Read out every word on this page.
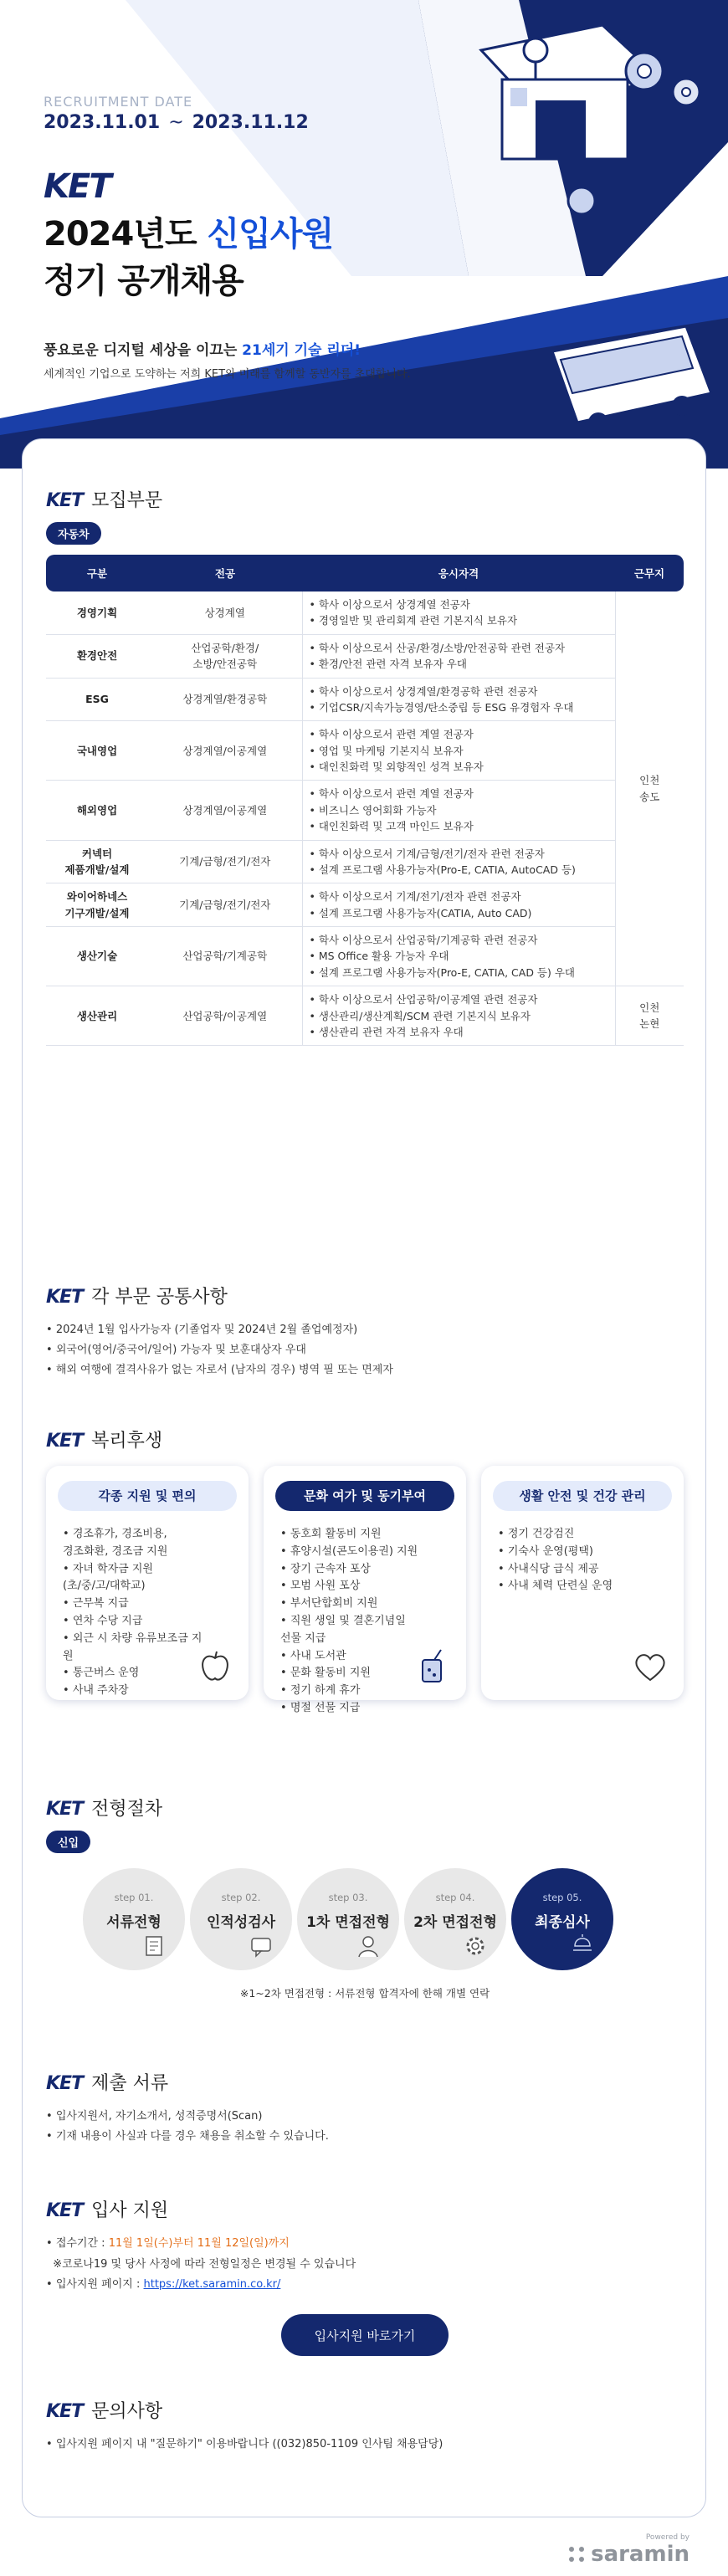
RECRUITMENT DATE
2023.11.01 ~ 2023.11.12
KET
2024년도 신입사원
정기 공개채용
풍요로운 디지털 세상을 이끄는 21세기 기술 리더!
세계적인 기업으로 도약하는 저희 KET와 미래를 함께할 동반자를 초대합니다.
KET 모집부문
자동차
구분	전공	응시자격	근무지
경영기획	상경계열	• 학사 이상으로서 상경계열 전공자
• 경영일반 및 관리회계 관련 기본지식 보유자	인천
송도
환경안전	산업공학/환경/
소방/안전공학	• 학사 이상으로서 산공/환경/소방/안전공학 관련 전공자
• 환경/안전 관련 자격 보유자 우대	

ESG	상경계열/환경공학	• 학사 이상으로서 상경계열/환경공학 관련 전공자
• 기업CSR/지속가능경영/탄소중립 등 ESG 유경험자 우대	

국내영업	상경계열/이공계열	• 학사 이상으로서 관련 계열 전공자
• 영업 및 마케팅 기본지식 보유자
• 대인친화력 및 외향적인 성격 보유자	

해외영업	상경계열/이공계열	• 학사 이상으로서 관련 계열 전공자
• 비즈니스 영어회화 가능자
• 대인친화력 및 고객 마인드 보유자	

커넥터
제품개발/설계	기계/금형/전기/전자	• 학사 이상으로서 기계/금형/전기/전자 관련 전공자
• 설계 프로그램 사용가능자(Pro-E, CATIA, AutoCAD 등)	

와이어하네스
기구개발/설계	기계/금형/전기/전자	• 학사 이상으로서 기계/전기/전자 관련 전공자
• 설계 프로그램 사용가능자(CATIA, Auto CAD)	

생산기술	산업공학/기계공학	• 학사 이상으로서 산업공학/기계공학 관련 전공자
• MS Office 활용 가능자 우대
• 설계 프로그램 사용가능자(Pro-E, CATIA, CAD 등) 우대	

생산관리	산업공학/이공계열	• 학사 이상으로서 산업공학/이공계열 관련 전공자
• 생산관리/생산계획/SCM 관련 기본지식 보유자
• 생산관리 관련 자격 보유자 우대	인천
논현
KET 각 부문 공통사항
• 2024년 1월 입사가능자 (기졸업자 및 2024년 2월 졸업예정자)
• 외국어(영어/중국어/일어) 가능자 및 보훈대상자 우대
• 해외 여행에 결격사유가 없는 자로서 (남자의 경우) 병역 필 또는 면제자
KET 복리후생
각종 지원 및 편의
• 경조휴가, 경조비용,
경조화환, 경조금 지원
• 자녀 학자금 지원
(초/중/고/대학교)
• 근무복 지급
• 연차 수당 지급
• 외근 시 차량 유류보조금 지
원
• 통근버스 운영
• 사내 주차장
문화 여가 및 동기부여
• 동호회 활동비 지원
• 휴양시설(콘도이용권) 지원
• 장기 근속자 포상
• 모범 사원 포상
• 부서단합회비 지원
• 직원 생일 및 결혼기념일
선물 지급
• 사내 도서관
• 문화 활동비 지원
• 정기 하계 휴가
• 명절 선물 지급
생활 안전 및 건강 관리
• 정기 건강검진
• 기숙사 운영(평택)
• 사내식당 급식 제공
• 사내 체력 단련실 운영
KET 전형절차
신입
step 01.
서류전형
step 02.
인적성검사
step 03.
1차 면접전형
step 04.
2차 면접전형
step 05.
최종심사
※1~2차 면접전형 : 서류전형 합격자에 한해 개별 연락
KET 제출 서류
• 입사지원서, 자기소개서, 성적증명서(Scan)
• 기재 내용이 사실과 다를 경우 채용을 취소할 수 있습니다.
KET 입사 지원
• 접수기간 : 11월 1일(수)부터 11월 12일(일)까지
※코로나19 및 당사 사정에 따라 전형일정은 변경될 수 있습니다
• 입사지원 페이지 : https://ket.saramin.co.kr/
입사지원 바로가기
KET 문의사항
• 입사지원 페이지 내 "질문하기" 이용바랍니다 ((032)850-1109 인사팀 채용담당)
Powered by
saramin
